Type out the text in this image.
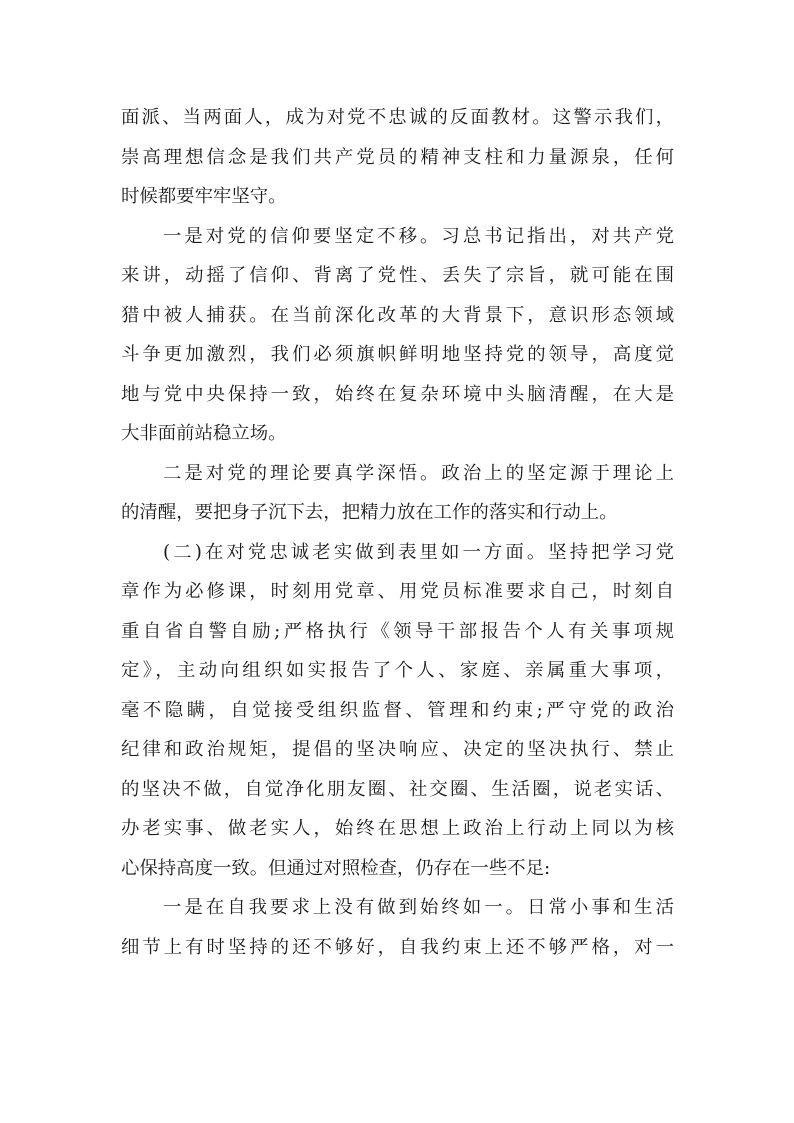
面派、当两面人，成为对党不忠诚的反面教材。这警示我们，
崇高理想信念是我们共产党员的精神支柱和力量源泉，任何
时候都要牢牢坚守。
一是对党的信仰要坚定不移。习总书记指出，对共产党
来讲，动摇了信仰、背离了党性、丢失了宗旨，就可能在围
猎中被人捕获。在当前深化改革的大背景下，意识形态领域
斗争更加激烈，我们必须旗帜鲜明地坚持党的领导，高度觉
地与党中央保持一致，始终在复杂环境中头脑清醒，在大是
大非面前站稳立场。
二是对党的理论要真学深悟。政治上的坚定源于理论上
的清醒，要把身子沉下去，把精力放在工作的落实和行动上。
(二)在对党忠诚老实做到表里如一方面。坚持把学习党
章作为必修课，时刻用党章、用党员标准要求自己，时刻自
重自省自警自励;严格执行《领导干部报告个人有关事项规
定》，主动向组织如实报告了个人、家庭、亲属重大事项，
毫不隐瞒，自觉接受组织监督、管理和约束;严守党的政治
纪律和政治规矩，提倡的坚决响应、决定的坚决执行、禁止
的坚决不做，自觉净化朋友圈、社交圈、生活圈，说老实话、
办老实事、做老实人，始终在思想上政治上行动上同以为核
心保持高度一致。但通过对照检查，仍存在一些不足:
一是在自我要求上没有做到始终如一。日常小事和生活
细节上有时坚持的还不够好，自我约束上还不够严格，对一
